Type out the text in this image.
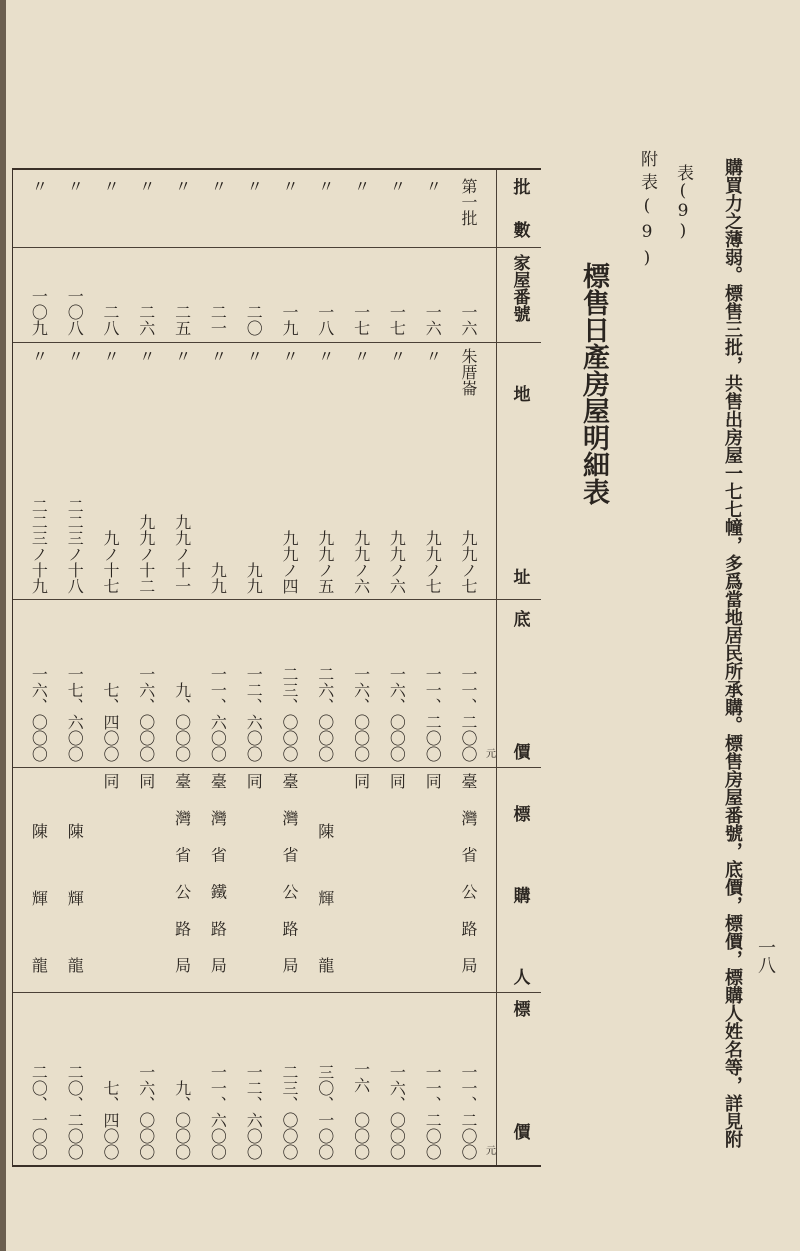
購買力之薄弱。標售三批，共售出房屋一七七幢，多爲當地居民所承購。標售房屋番號，底價，標價，標購人姓名等，詳見附
表(9)
附表(9)
一八
標售日產房屋明細表
批數
家屋番號
地址
底價
標購人
標價
第一批
一六
朱厝崙
九九ノ七
一一、二〇〇
臺灣省公路局
一一、二〇〇
〃
一六
〃
九九ノ七
一一、二〇〇
同
一一、二〇〇
〃
一七
〃
九九ノ六
一六、〇〇〇
同
一六、〇〇〇
〃
一七
〃
九九ノ六
一六、〇〇〇
同
一六 〇〇〇
〃
一八
〃
九九ノ五
二六、〇〇〇
陳輝龍
三〇、一〇〇
〃
一九
〃
九九ノ四
二三、〇〇〇
臺灣省公路局
二三、〇〇〇
〃
二〇
〃
九九
一二、六〇〇
同
一二、六〇〇
〃
二一
〃
九九
一一、六〇〇
臺灣省鐵路局
一一、六〇〇
〃
二五
〃
九九ノ十一
九、〇〇〇
臺灣省公路局
九、〇〇〇
〃
二六
〃
九九ノ十二
一六、〇〇〇
同
一六、〇〇〇
〃
二八
〃
九ノ十七
七、四〇〇
同
七、四〇〇
〃
一〇八
〃
二二三ノ十八
一七、六〇〇
陳輝龍
二〇、二〇〇
〃
一〇九
〃
二二三ノ十九
一六、〇〇〇
陳輝龍
二〇、一〇〇
元
元
